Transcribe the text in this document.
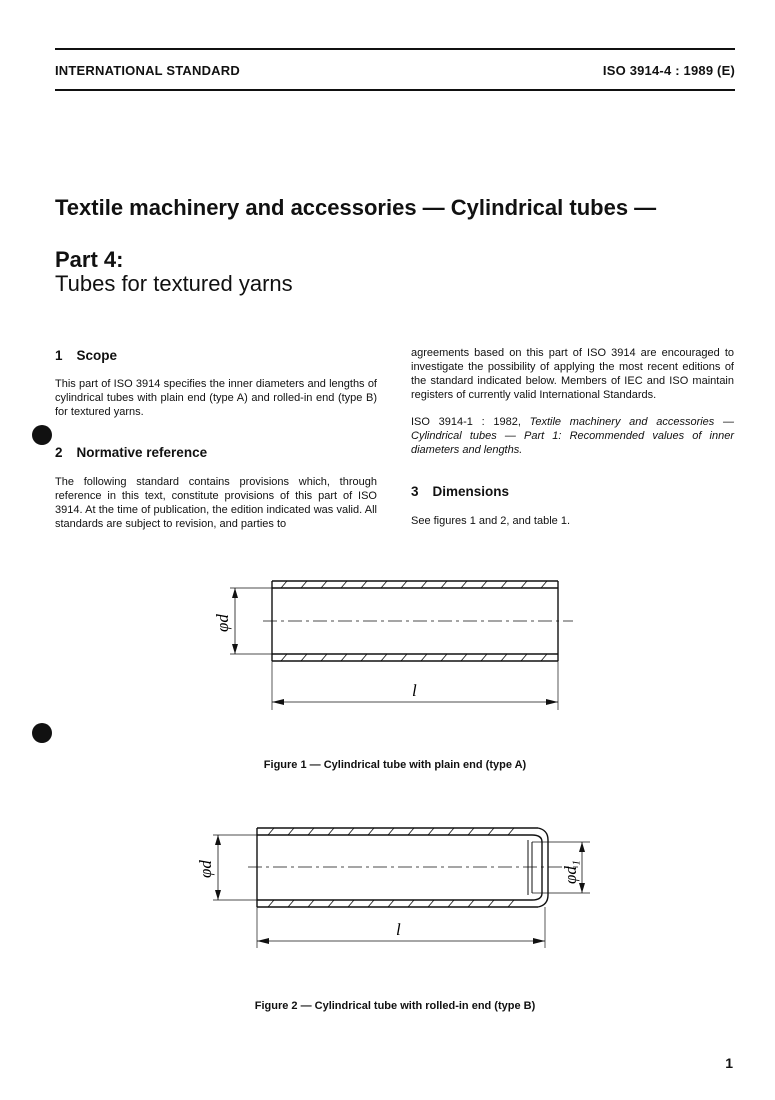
INTERNATIONAL STANDARD	ISO 3914-4 : 1989 (E)
Textile machinery and accessories — Cylindrical tubes —
Part 4:
Tubes for textured yarns
1 Scope
This part of ISO 3914 specifies the inner diameters and lengths of cylindrical tubes with plain end (type A) and rolled-in end (type B) for textured yarns.
2 Normative reference
The following standard contains provisions which, through reference in this text, constitute provisions of this part of ISO 3914. At the time of publication, the edition indicated was valid. All standards are subject to revision, and parties to
agreements based on this part of ISO 3914 are encouraged to investigate the possibility of applying the most recent editions of the standard indicated below. Members of IEC and ISO maintain registers of currently valid International Standards.
ISO 3914-1 : 1982, Textile machinery and accessories — Cylindrical tubes — Part 1: Recommended values of inner diameters and lengths.
3 Dimensions
See figures 1 and 2, and table 1.
φd
l
Figure 1 — Cylindrical tube with plain end (type A)
φd	φd₁
l
Figure 2 — Cylindrical tube with rolled-in end (type B)
1
